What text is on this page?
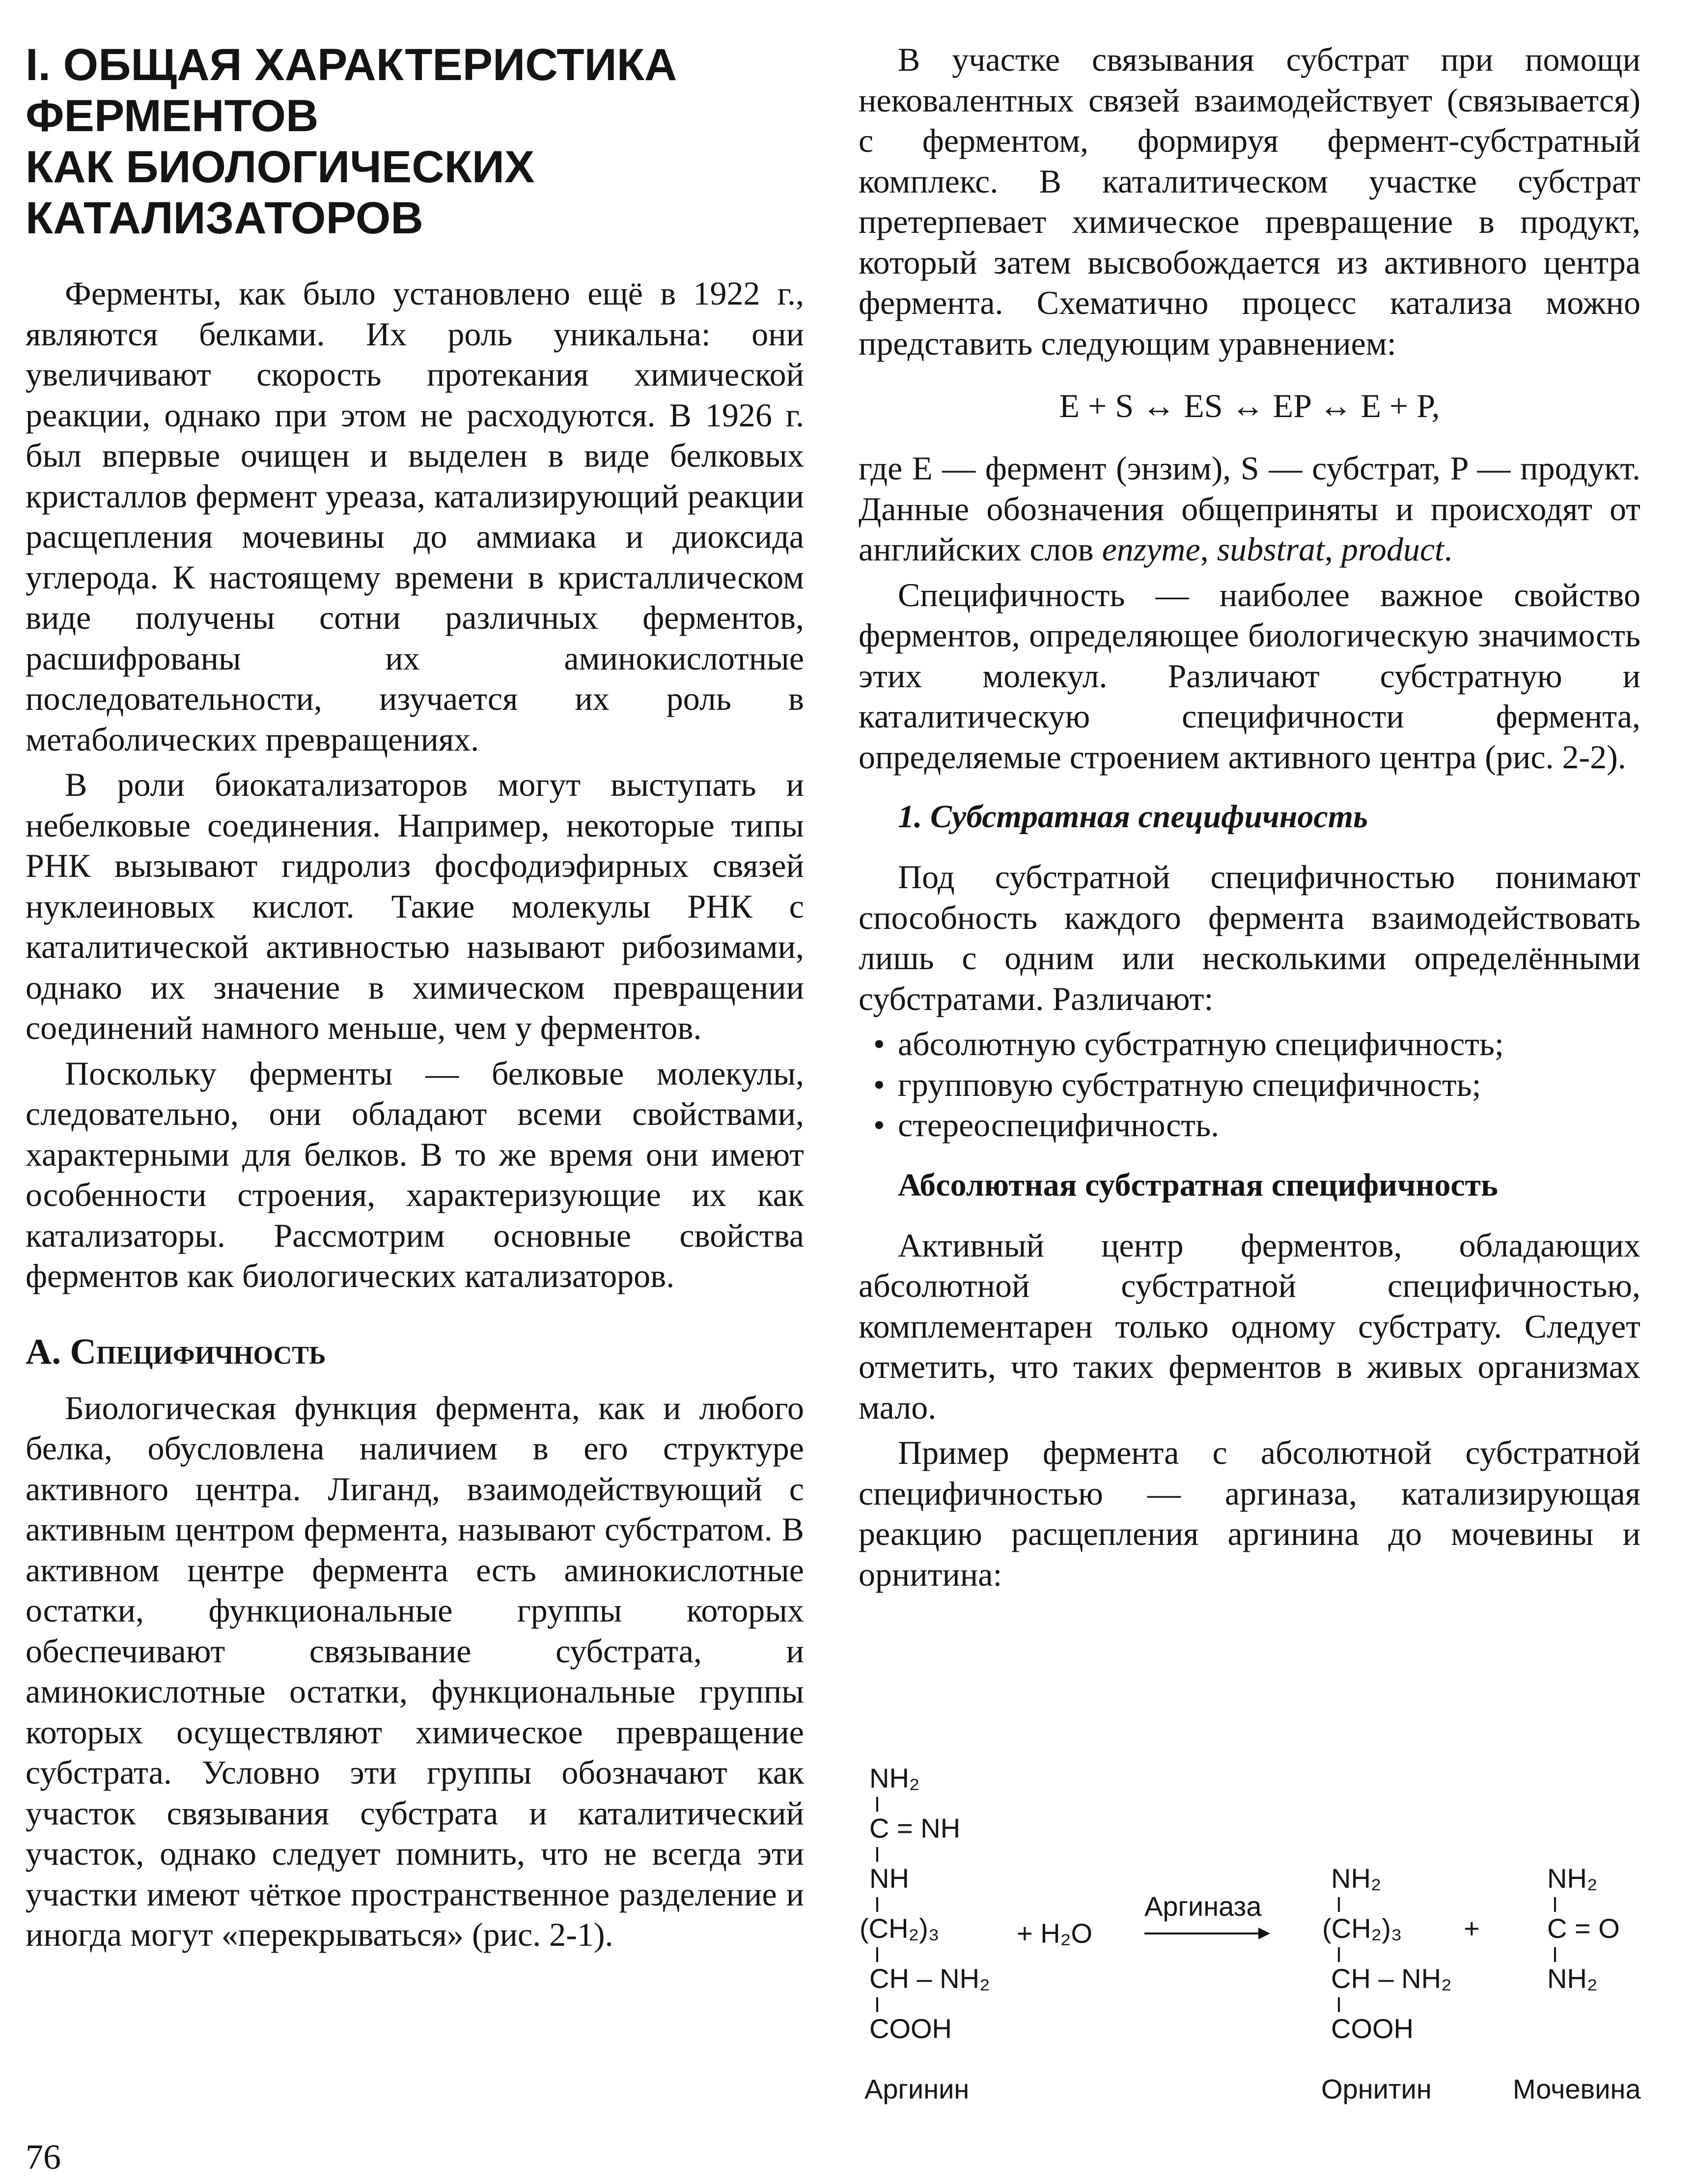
I. ОБЩАЯ ХАРАКТЕРИСТИКА
ФЕРМЕНТОВ
КАК БИОЛОГИЧЕСКИХ
КАТАЛИЗАТОРОВ

Ферменты, как было установлено ещё в 1922 г., являются белками. Их роль уникальна: они увеличивают скорость протекания химической реакции, однако при этом не расходуются. В 1926 г. был впервые очищен и выделен в виде белковых кристаллов фермент уреаза, катализирующий реакции расщепления мочевины до аммиака и диоксида углерода. К настоящему времени в кристаллическом виде получены сотни различных ферментов, расшифрованы их аминокислотные последовательности, изучается их роль в метаболических превращениях.

В роли биокатализаторов могут выступать и небелковые соединения. Например, некоторые типы РНК вызывают гидролиз фосфодиэфирных связей нуклеиновых кислот. Такие молекулы РНК с каталитической активностью называют рибозимами, однако их значение в химическом превращении соединений намного меньше, чем у ферментов.

Поскольку ферменты — белковые молекулы, следовательно, они обладают всеми свойствами, характерными для белков. В то же время они имеют особенности строения, характеризующие их как катализаторы. Рассмотрим основные свойства ферментов как биологических катализаторов.

А. Специфичность

Биологическая функция фермента, как и любого белка, обусловлена наличием в его структуре активного центра. Лиганд, взаимодействующий с активным центром фермента, называют субстратом. В активном центре фермента есть аминокислотные остатки, функциональные группы которых обеспечивают связывание субстрата, и аминокислотные остатки, функциональные группы которых осуществляют химическое превращение субстрата. Условно эти группы обозначают как участок связывания субстрата и каталитический участок, однако следует помнить, что не всегда эти участки имеют чёткое пространственное разделение и иногда могут «перекрываться» (рис. 2-1).

В участке связывания субстрат при помощи нековалентных связей взаимодействует (связывается) с ферментом, формируя фермент-субстратный комплекс. В каталитическом участке субстрат претерпевает химическое превращение в продукт, который затем высвобождается из активного центра фермента. Схематично процесс катализа можно представить следующим уравнением:

E + S ↔ ES ↔ EP ↔ E + P,

где E — фермент (энзим), S — субстрат, P — продукт. Данные обозначения общеприняты и происходят от английских слов enzyme, substrat, product.

Специфичность — наиболее важное свойство ферментов, определяющее биологическую значимость этих молекул. Различают субстратную и каталитическую специфичности фермента, определяемые строением активного центра (рис. 2-2).

1. Субстратная специфичность

Под субстратной специфичностью понимают способность каждого фермента взаимодействовать лишь с одним или несколькими определёнными субстратами. Различают:

• абсолютную субстратную специфичность;
• групповую субстратную специфичность;
• стереоспецифичность.
Абсолютная субстратная специфичность

Активный центр ферментов, обладающих абсолютной субстратной специфичностью, комплементарен только одному субстрату. Следует отметить, что таких ферментов в живых организмах мало.

Пример фермента с абсолютной субстратной специфичностью — аргиназа, катализирующая реакцию расщепления аргинина до мочевины и орнитина:

NH₂
C = NH
NH
(CH₂)₃
CH – NH₂
COOH
Аргинин
+ H₂O
Аргиназа
NH₂
(CH₂)₃
CH – NH₂
COOH
Орнитин
+
NH₂
C = O
NH₂
Мочевина
76
